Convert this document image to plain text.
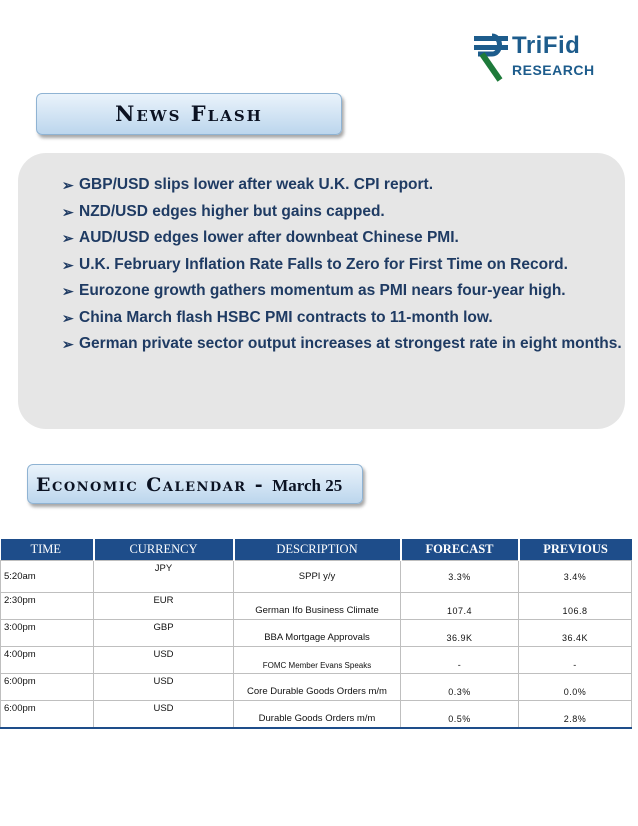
TriFid
RESEARCH
News Flash
➢ GBP/USD slips lower after weak U.K. CPI report.
➢ NZD/USD edges higher but gains capped.
➢ AUD/USD edges lower after downbeat Chinese PMI.
➢ U.K. February Inflation Rate Falls to Zero for First Time on Record.
➢ Eurozone growth gathers momentum as PMI nears four-year high.
➢ China March flash HSBC PMI contracts to 11-month low.
➢ German private sector output increases at strongest rate in eight months.
Economic Calendar - March 25
TIME	CURRENCY	DESCRIPTION	FORECAST	PREVIOUS
5:20am	JPY	SPPI y/y	3.3%	3.4%
2:30pm	EUR	German Ifo Business Climate	107.4	106.8
3:00pm	GBP	BBA Mortgage Approvals	36.9K	36.4K
4:00pm	USD	FOMC Member Evans Speaks	-	-
6:00pm	USD	Core Durable Goods Orders m/m	0.3%	0.0%
6:00pm	USD	Durable Goods Orders m/m	0.5%	2.8%
